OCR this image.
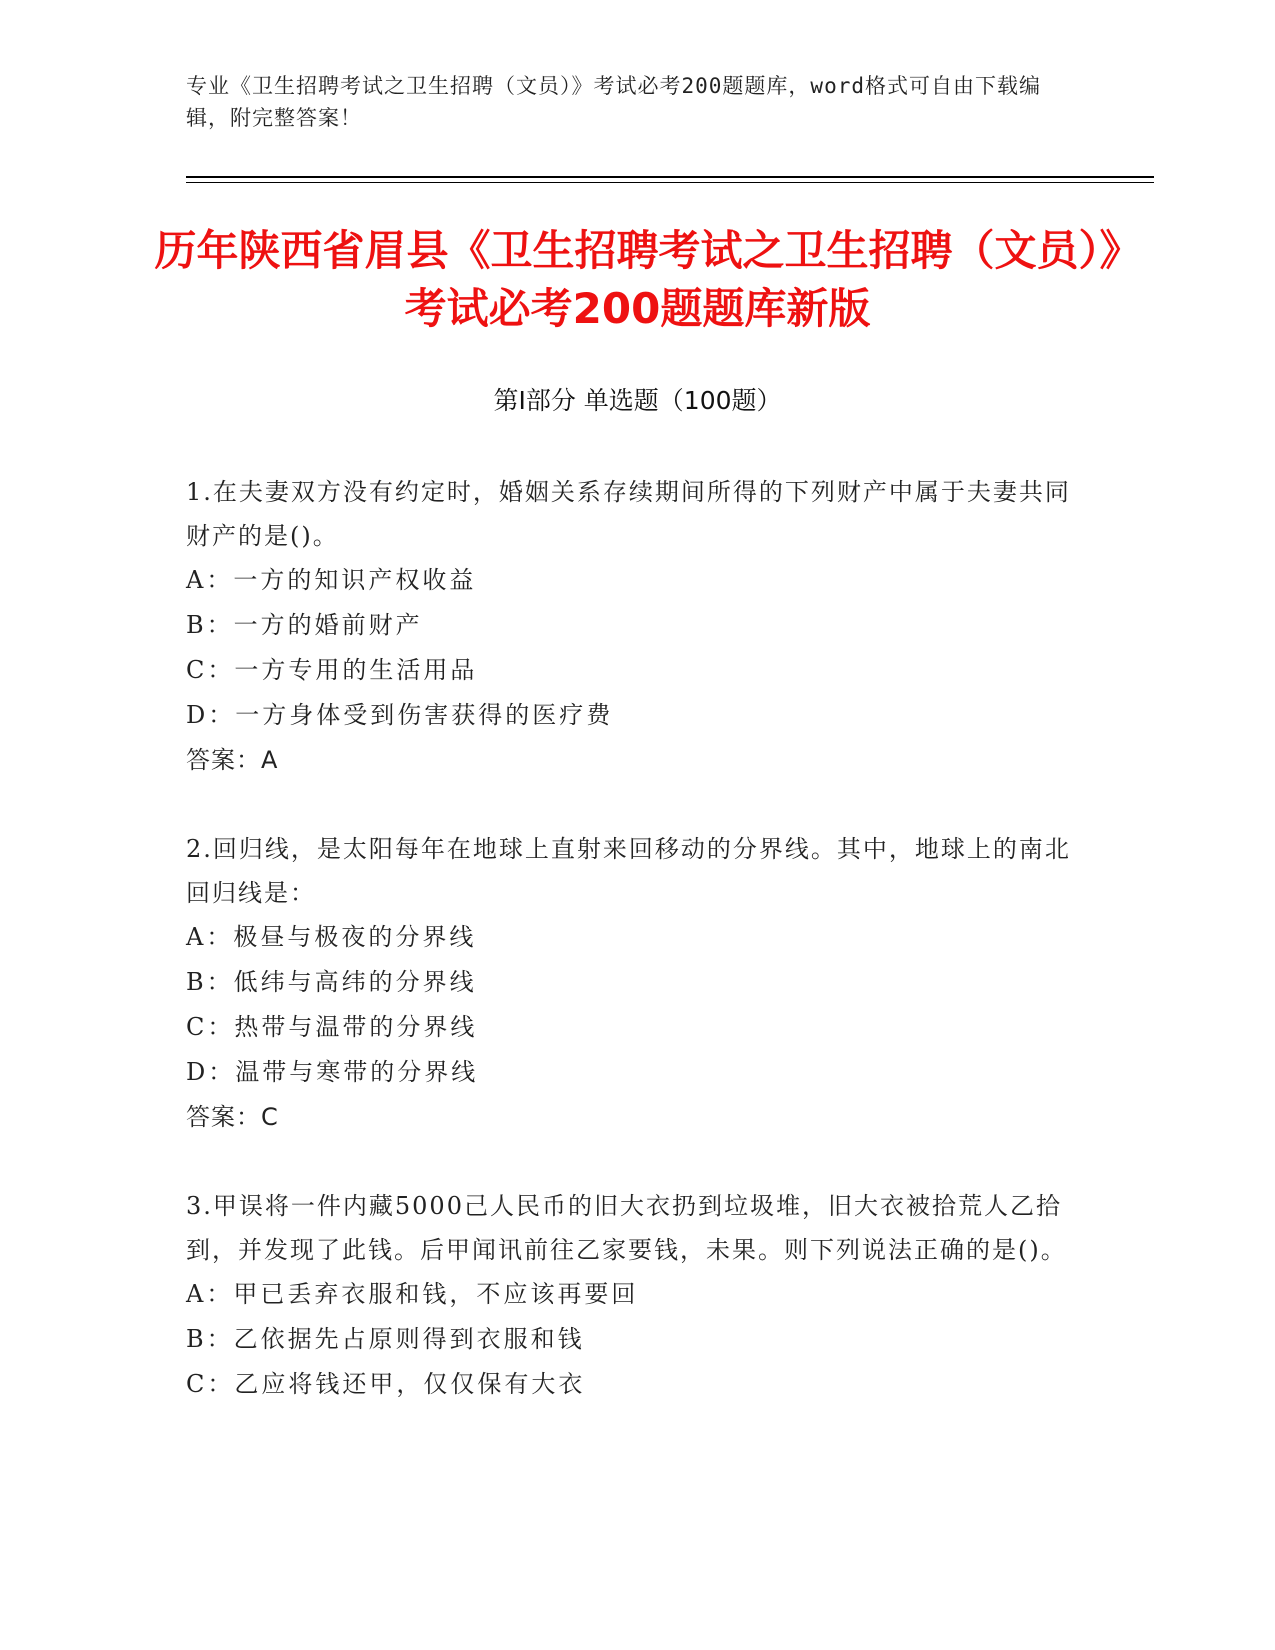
专业《卫生招聘考试之卫生招聘（文员）》考试必考200题题库，word格式可自由下载编辑，附完整答案！
历年陕西省眉县《卫生招聘考试之卫生招聘（文员）》考试必考200题题库新版
第I部分 单选题（100题）
1.在夫妻双方没有约定时，婚姻关系存续期间所得的下列财产中属于夫妻共同财产的是()。
A：一方的知识产权收益
B：一方的婚前财产
C：一方专用的生活用品
D：一方身体受到伤害获得的医疗费
答案：A
2.回归线，是太阳每年在地球上直射来回移动的分界线。其中，地球上的南北回归线是：
A：极昼与极夜的分界线
B：低纬与高纬的分界线
C：热带与温带的分界线
D：温带与寒带的分界线
答案：C
3.甲误将一件内藏5000己人民币的旧大衣扔到垃圾堆，旧大衣被拾荒人乙拾到，并发现了此钱。后甲闻讯前往乙家要钱，未果。则下列说法正确的是()。
A：甲已丢弃衣服和钱，不应该再要回
B：乙依据先占原则得到衣服和钱
C：乙应将钱还甲，仅仅保有大衣
